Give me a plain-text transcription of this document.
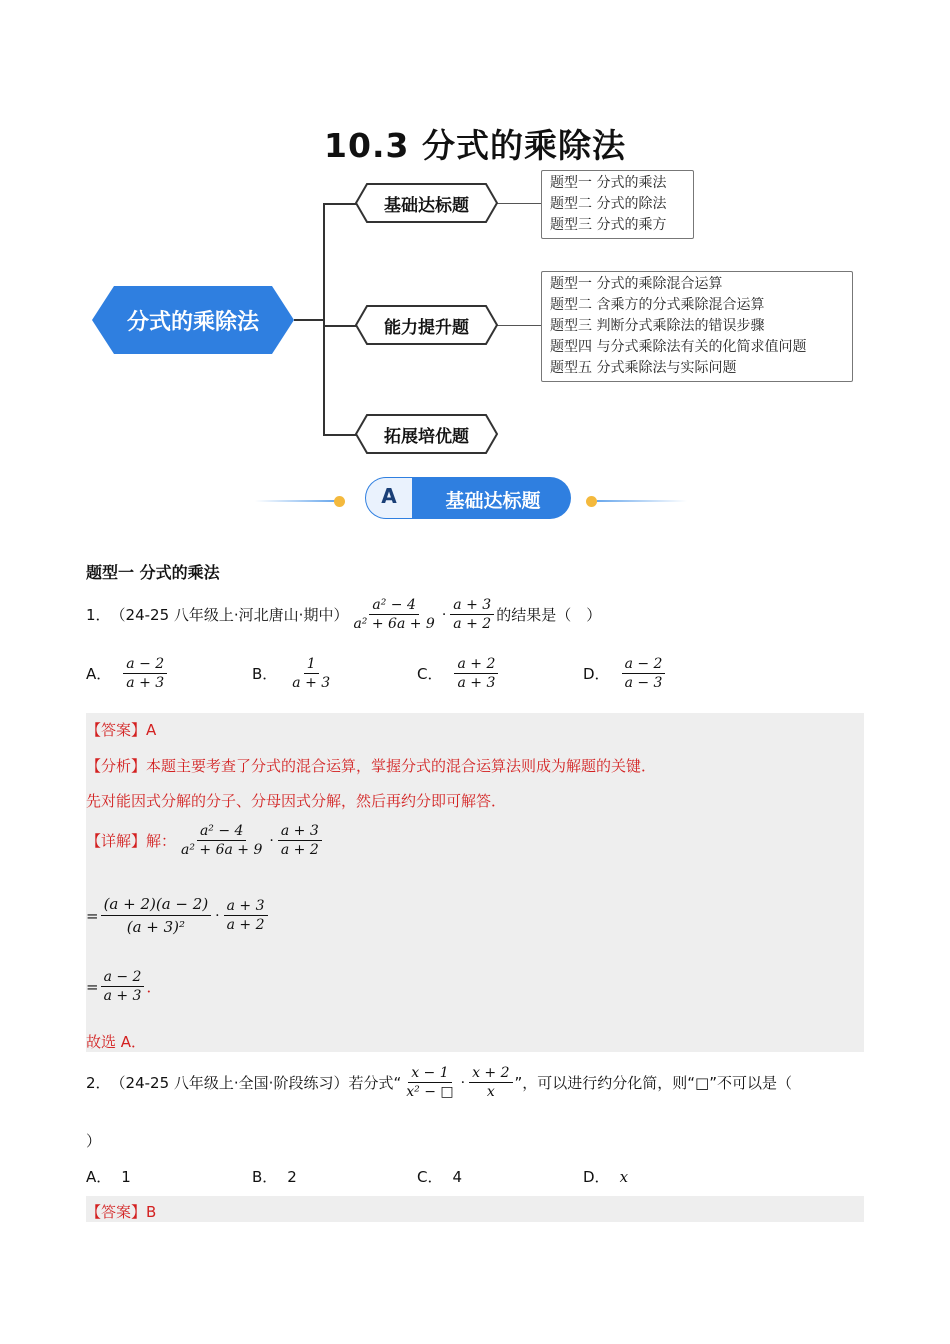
10.3 分式的乘除法
分式的乘除法
基础达标题
能力提升题
拓展培优题
题型一 分式的乘法
题型二 分式的除法
题型三 分式的乘方
题型一 分式的乘除混合运算
题型二 含乘方的分式乘除混合运算
题型三 判断分式乘除法的错误步骤
题型四 与分式乘除法有关的化简求值问题
题型五 分式乘除法与实际问题
A	基础达标题
题型一 分式的乘法
1． （24-25 八年级上·河北唐山·期中） $\frac{\text{a² − 4}}{\text{a² + 6a + 9}} \cdot \frac{a + 3}{a + 2}$ 的结果是（　）
A． $\frac{a - 2}{a + 3}$	B． $\frac{1}{a + 3}$	C． $\frac{a + 2}{a + 3}$	D． $\frac{a - 2}{a - 3}$
【答案】A
【分析】本题主要考查了分式的混合运算，掌握分式的混合运算法则成为解题的关键．
先对能因式分解的分子、分母因式分解，然后再约分即可解答．
【详解】解： $\frac{\text{a² − 4}}{\text{a² + 6a + 9}} \cdot \frac{a + 3}{a + 2}$
= $\frac{(a + 2)(a - 2)}{\text{(a + 3)²}} \cdot \frac{a + 3}{a + 2}$
= $\frac{a - 2}{a + 3}$ ．
故选 A．
2． （24-25 八年级上·全国·阶段练习） 若分式“ $\frac{x - 1}{\text{x² − □}} \cdot \frac{x + 2}{x}$ ”，可以进行约分化简，则“□”不可以是（
）
A． 1	B． 2	C． 4	D． x
【答案】B
